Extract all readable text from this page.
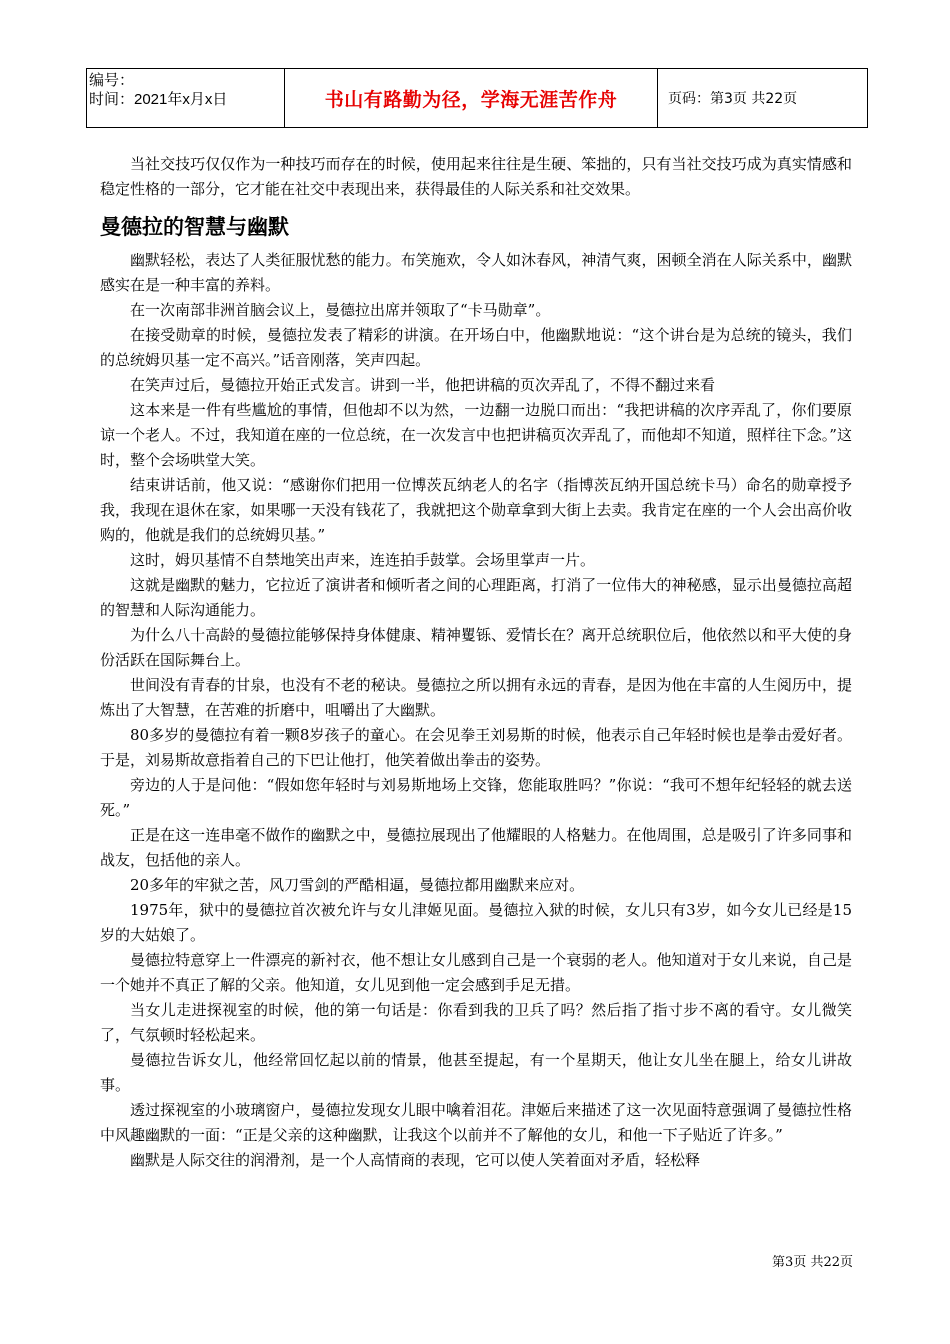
编号：
时间：2021年x月x日	书山有路勤为径，学海无涯苦作舟	页码：第3页 共22页

当社交技巧仅仅作为一种技巧而存在的时候，使用起来往往是生硬、笨拙的，只有当社交技巧成为真实情感和稳定性格的一部分，它才能在社交中表现出来，获得最佳的人际关系和社交效果。

曼德拉的智慧与幽默

幽默轻松，表达了人类征服忧愁的能力。布笑施欢，令人如沐春风，神清气爽，困顿全消在人际关系中，幽默感实在是一种丰富的养料。

在一次南部非洲首脑会议上，曼德拉出席并领取了“卡马勋章”。

在接受勋章的时候，曼德拉发表了精彩的讲演。在开场白中，他幽默地说：“这个讲台是为总统的镜头，我们的总统姆贝基一定不高兴。”话音刚落，笑声四起。

在笑声过后，曼德拉开始正式发言。讲到一半，他把讲稿的页次弄乱了，不得不翻过来看

这本来是一件有些尴尬的事情，但他却不以为然，一边翻一边脱口而出：“我把讲稿的次序弄乱了，你们要原谅一个老人。不过，我知道在座的一位总统，在一次发言中也把讲稿页次弄乱了，而他却不知道，照样往下念。”这时，整个会场哄堂大笑。

结束讲话前，他又说：“感谢你们把用一位博茨瓦纳老人的名字（指博茨瓦纳开国总统卡马）命名的勋章授予我，我现在退休在家，如果哪一天没有钱花了，我就把这个勋章拿到大街上去卖。我肯定在座的一个人会出高价收购的，他就是我们的总统姆贝基。”

这时，姆贝基情不自禁地笑出声来，连连拍手鼓掌。会场里掌声一片。

这就是幽默的魅力，它拉近了演讲者和倾听者之间的心理距离，打消了一位伟大的神秘感，显示出曼德拉高超的智慧和人际沟通能力。

为什么八十高龄的曼德拉能够保持身体健康、精神矍铄、爱情长在？离开总统职位后，他依然以和平大使的身份活跃在国际舞台上。

世间没有青春的甘泉，也没有不老的秘诀。曼德拉之所以拥有永远的青春，是因为他在丰富的人生阅历中，提炼出了大智慧，在苦难的折磨中，咀嚼出了大幽默。

80多岁的曼德拉有着一颗8岁孩子的童心。在会见拳王刘易斯的时候，他表示自己年轻时候也是拳击爱好者。于是，刘易斯故意指着自己的下巴让他打，他笑着做出拳击的姿势。

旁边的人于是问他：“假如您年轻时与刘易斯地场上交锋，您能取胜吗？”你说：“我可不想年纪轻轻的就去送死。”

正是在这一连串毫不做作的幽默之中，曼德拉展现出了他耀眼的人格魅力。在他周围，总是吸引了许多同事和战友，包括他的亲人。

20多年的牢狱之苦，风刀雪剑的严酷相逼，曼德拉都用幽默来应对。

1975年，狱中的曼德拉首次被允许与女儿津姬见面。曼德拉入狱的时候，女儿只有3岁，如今女儿已经是15岁的大姑娘了。

曼德拉特意穿上一件漂亮的新衬衣，他不想让女儿感到自己是一个衰弱的老人。他知道对于女儿来说，自己是一个她并不真正了解的父亲。他知道，女儿见到他一定会感到手足无措。

当女儿走进探视室的时候，他的第一句话是：你看到我的卫兵了吗？然后指了指寸步不离的看守。女儿微笑了，气氛顿时轻松起来。

曼德拉告诉女儿，他经常回忆起以前的情景，他甚至提起，有一个星期天，他让女儿坐在腿上，给女儿讲故事。

透过探视室的小玻璃窗户，曼德拉发现女儿眼中噙着泪花。津姬后来描述了这一次见面特意强调了曼德拉性格中风趣幽默的一面：“正是父亲的这种幽默，让我这个以前并不了解他的女儿，和他一下子贴近了许多。”

幽默是人际交往的润滑剂，是一个人高情商的表现，它可以使人笑着面对矛盾，轻松释

第3页 共22页
